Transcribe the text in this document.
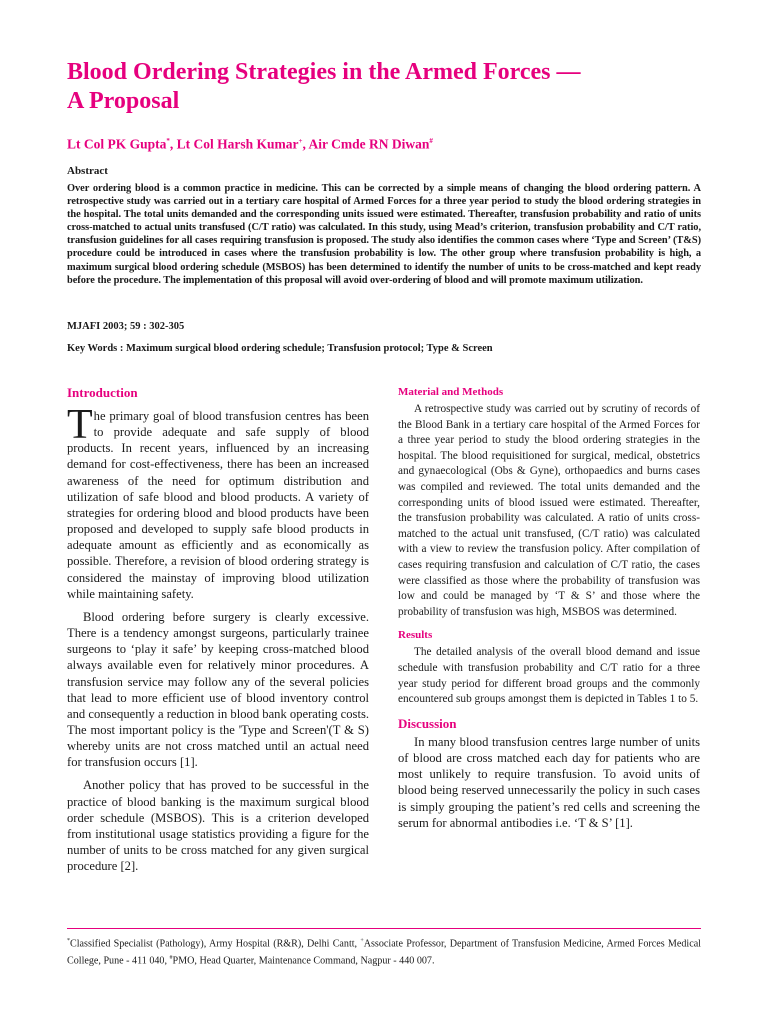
Blood Ordering Strategies in the Armed Forces —
A Proposal
Lt Col PK Gupta*, Lt Col Harsh Kumar+, Air Cmde RN Diwan#
Abstract
Over ordering blood is a common practice in medicine. This can be corrected by a simple means of changing the blood ordering pattern. A retrospective study was carried out in a tertiary care hospital of Armed Forces for a three year period to study the blood ordering strategies in the hospital. The total units demanded and the corresponding units issued were estimated. Thereafter, transfusion probability and ratio of units cross-matched to actual units transfused (C/T ratio) was calculated. In this study, using Mead’s criterion, transfusion probability and C/T ratio, transfusion guidelines for all cases requiring transfusion is proposed. The study also identifies the common cases where ‘Type and Screen’ (T&S) procedure could be introduced in cases where the transfusion probability is low. The other group where transfusion probability is high, a maximum surgical blood ordering schedule (MSBOS) has been determined to identify the number of units to be cross-matched and kept ready before the procedure. The implementation of this proposal will avoid over-ordering of blood and will promote maximum utilization.
MJAFI 2003; 59 : 302-305
Key Words : Maximum surgical blood ordering schedule; Transfusion protocol; Type & Screen
Introduction

The primary goal of blood transfusion centres has been to provide adequate and safe supply of blood products. In recent years, influenced by an increasing demand for cost-effectiveness, there has been an increased awareness of the need for optimum distribution and utilization of safe blood and blood products. A variety of strategies for ordering blood and blood products have been proposed and developed to supply safe blood products in adequate amount as efficiently and as economically as possible. Therefore, a revision of blood ordering strategy is considered the mainstay of improving blood utilization while maintaining safety.

Blood ordering before surgery is clearly excessive. There is a tendency amongst surgeons, particularly trainee surgeons to ‘play it safe’ by keeping cross-matched blood always available even for relatively minor procedures. A transfusion service may follow any of the several policies that lead to more efficient use of blood inventory control and consequently a reduction in blood bank operating costs. The most important policy is the 'Type and Screen'(T & S) whereby units are not cross matched until an actual need for transfusion occurs [1].

Another policy that has proved to be successful in the practice of blood banking is the maximum surgical blood order schedule (MSBOS). This is a criterion developed from institutional usage statistics providing a figure for the number of units to be cross matched for any given surgical procedure [2].

Material and Methods

A retrospective study was carried out by scrutiny of records of the Blood Bank in a tertiary care hospital of the Armed Forces for a three year period to study the blood ordering strategies in the hospital. The blood requisitioned for surgical, medical, obstetrics and gynaecological (Obs & Gyne), orthopaedics and burns cases was compiled and reviewed. The total units demanded and the corresponding units of blood issued were estimated. Thereafter, the transfusion probability was calculated. A ratio of units cross-matched to the actual unit transfused, (C/T ratio) was calculated with a view to review the transfusion policy. After compilation of cases requiring transfusion and calculation of C/T ratio, the cases were classified as those where the probability of transfusion was low and could be managed by ‘T & S’ and those where the probability of transfusion was high, MSBOS was determined.

Results

The detailed analysis of the overall blood demand and issue schedule with transfusion probability and C/T ratio for a three year study period for different broad groups and the commonly encountered sub groups amongst them is depicted in Tables 1 to 5.

Discussion

In many blood transfusion centres large number of units of blood are cross matched each day for patients who are most unlikely to require transfusion. To avoid units of blood being reserved unnecessarily the policy in such cases is simply grouping the patient’s red cells and screening the serum for abnormal antibodies i.e. ‘T & S’ [1].

*Classified Specialist (Pathology), Army Hospital (R&R), Delhi Cantt, +Associate Professor, Department of Transfusion Medicine, Armed Forces Medical College, Pune - 411 040, #PMO, Head Quarter, Maintenance Command, Nagpur - 440 007.
